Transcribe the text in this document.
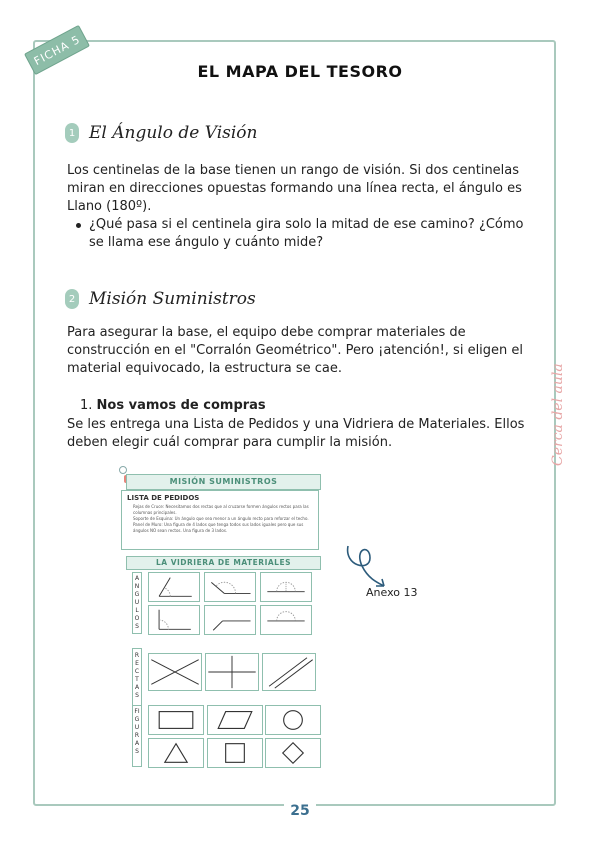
FICHA 5
EL MAPA DEL TESORO
1 El Ángulo de Visión
Los centinelas de la base tienen un rango de visión. Si dos centinelas miran en direcciones opuestas formando una línea recta, el ángulo es Llano (180º).
¿Qué pasa si el centinela gira solo la mitad de ese camino? ¿Cómo se llama ese ángulo y cuánto mide?
2 Misión Suministros
Para asegurar la base, el equipo debe comprar materiales de construcción en el "Corralón Geométrico". Pero ¡atención!, si eligen el material equivocado, la estructura se cae.
1. Nos vamos de compras
Se les entrega una Lista de Pedidos y una Vidriera de Materiales. Ellos deben elegir cuál comprar para cumplir la misión.
MISIÓN SUMINISTROS
LISTA DE PEDIDOS
Rejas de Cruce: Necesitamos dos rectas que al cruzarse formen ángulos rectos para las columnas principales.
Soporte de Esquina: Un ángulo que sea menor a un ángulo recto para reforzar el techo.
Panel de Muro: Una figura de 4 lados que tenga todos sus lados iguales pero que sus ángulos NO sean rectos. Una figura de 3 lados.
LA VIDRIERA DE MATERIALES
ANGULOS
RECTAS
FIGURAS
Anexo 13
Cerca del aula
25
